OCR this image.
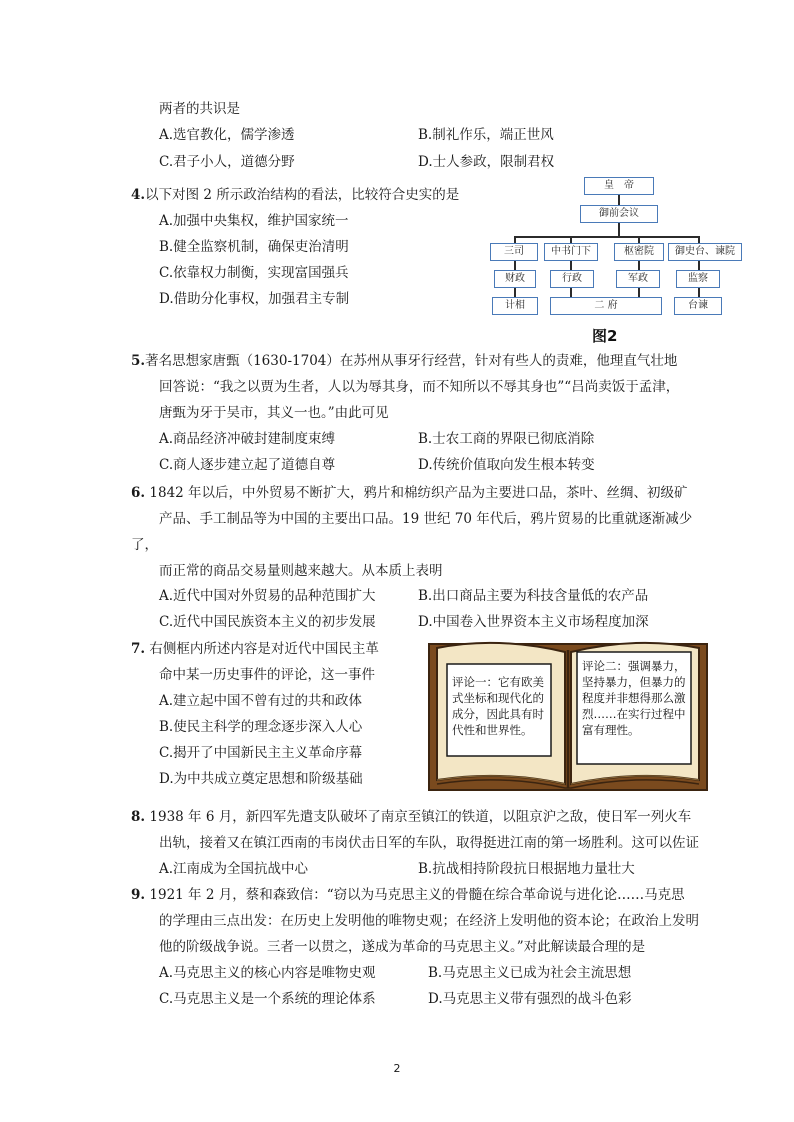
两者的共识是
A.选官教化，儒学渗透	B.制礼作乐，端正世风
C.君子小人，道德分野	D.士人参政，限制君权
4.以下对图 2 所示政治结构的看法，比较符合史实的是
A.加强中央集权，维护国家统一
B.健全监察机制，确保吏治清明
C.依靠权力制衡，实现富国强兵
D.借助分化事权，加强君主专制
皇　帝
御前会议
三司	中书门下	枢密院	御史台、谏院
财政	行政	军政	监察
计相	二 府	台谏
图2
5.著名思想家唐甄（1630-1704）在苏州从事牙行经营，针对有些人的责难，他理直气壮地
回答说：“我之以贾为生者，人以为辱其身，而不知所以不辱其身也”“吕尚卖饭于孟津，
唐甄为牙于吴市，其义一也。”由此可见
A.商品经济冲破封建制度束缚	B.士农工商的界限已彻底消除
C.商人逐步建立起了道德自尊	D.传统价值取向发生根本转变
6. 1842 年以后，中外贸易不断扩大，鸦片和棉纺织产品为主要进口品，茶叶、丝绸、初级矿
产品、手工制品等为中国的主要出口品。19 世纪 70 年代后，鸦片贸易的比重就逐渐减少
了，
而正常的商品交易量则越来越大。从本质上表明
A.近代中国对外贸易的品种范围扩大	B.出口商品主要为科技含量低的农产品
C.近代中国民族资本主义的初步发展	D.中国卷入世界资本主义市场程度加深
7. 右侧框内所述内容是对近代中国民主革
命中某一历史事件的评论，这一事件
A.建立起中国不曾有过的共和政体
B.使民主科学的理念逐步深入人心
C.揭开了中国新民主主义革命序幕
D.为中共成立奠定思想和阶级基础
评论一：它有欧美式坐标和现代化的成分，因此具有时代性和世界性。
评论二：强调暴力，坚持暴力，但暴力的程度并非想得那么激烈……在实行过程中富有理性。
8. 1938 年 6 月，新四军先遣支队破坏了南京至镇江的铁道，以阻京沪之敌，使日军一列火车
出轨，接着又在镇江西南的韦岗伏击日军的车队，取得挺进江南的第一场胜利。这可以佐证
A.江南成为全国抗战中心	B.抗战相持阶段抗日根据地力量壮大
9. 1921 年 2 月，蔡和森致信：“窃以为马克思主义的骨髓在综合革命说与进化论……马克思
的学理由三点出发：在历史上发明他的唯物史观；在经济上发明他的资本论；在政治上发明
他的阶级战争说。三者一以贯之，遂成为革命的马克思主义。”对此解读最合理的是
A.马克思主义的核心内容是唯物史观	B.马克思主义已成为社会主流思想
C.马克思主义是一个系统的理论体系	D.马克思主义带有强烈的战斗色彩
2
